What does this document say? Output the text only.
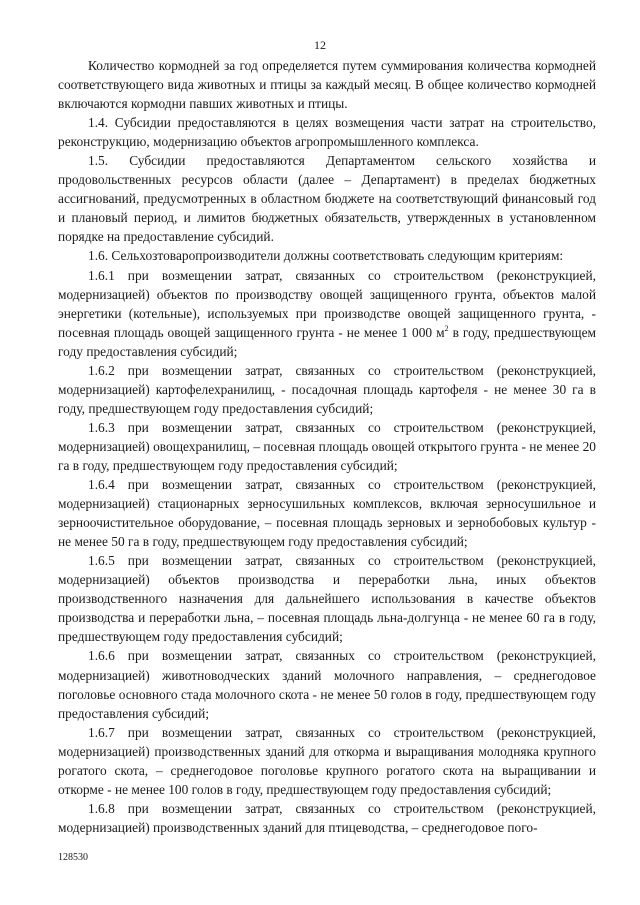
12

Количество кормодней за год определяется путем суммирования количества кормодней соответствующего вида животных и птицы за каждый месяц. В общее количество кормодней включаются кормодни павших животных и птицы.

1.4. Субсидии предоставляются в целях возмещения части затрат на строительство, реконструкцию, модернизацию объектов агропромышленного комплекса.

1.5. Субсидии предоставляются Департаментом сельского хозяйства и продовольственных ресурсов области (далее – Департамент) в пределах бюджетных ассигнований, предусмотренных в областном бюджете на соответствующий финансовый год и плановый период, и лимитов бюджетных обязательств, утвержденных в установленном порядке на предоставление субсидий.

1.6. Сельхозтоваропроизводители должны соответствовать следующим критериям:

1.6.1 при возмещении затрат, связанных со строительством (реконструкцией, модернизацией) объектов по производству овощей защищенного грунта, объектов малой энергетики (котельные), используемых при производстве овощей защищенного грунта, - посевная площадь овощей защищенного грунта - не менее 1 000 $м^2$ в году, предшествующем году предоставления субсидий;

1.6.2 при возмещении затрат, связанных со строительством (реконструкцией, модернизацией) картофелехранилищ, - посадочная площадь картофеля - не менее 30 га в году, предшествующем году предоставления субсидий;

1.6.3 при возмещении затрат, связанных со строительством (реконструкцией, модернизацией) овощехранилищ, – посевная площадь овощей открытого грунта - не менее 20 га в году, предшествующем году предоставления субсидий;

1.6.4 при возмещении затрат, связанных со строительством (реконструкцией, модернизацией) стационарных зерносушильных комплексов, включая зерносушильное и зерноочистительное оборудование, – посевная площадь зерновых и зернобобовых культур - не менее 50 га в году, предшествующем году предоставления субсидий;

1.6.5 при возмещении затрат, связанных со строительством (реконструкцией, модернизацией) объектов производства и переработки льна, иных объектов производственного назначения для дальнейшего использования в качестве объектов производства и переработки льна, – посевная площадь льна-долгунца - не менее 60 га в году, предшествующем году предоставления субсидий;

1.6.6 при возмещении затрат, связанных со строительством (реконструкцией, модернизацией) животноводческих зданий молочного направления, – среднегодовое поголовье основного стада молочного скота - не менее 50 голов в году, предшествующем году предоставления субсидий;

1.6.7 при возмещении затрат, связанных со строительством (реконструкцией, модернизацией) производственных зданий для откорма и выращивания молодняка крупного рогатого скота, – среднегодовое поголовье крупного рогатого скота на выращивании и откорме - не менее 100 голов в году, предшествующем году предоставления субсидий;

1.6.8 при возмещении затрат, связанных со строительством (реконструкцией, модернизацией) производственных зданий для птицеводства, – среднегодовое пого-

128530
